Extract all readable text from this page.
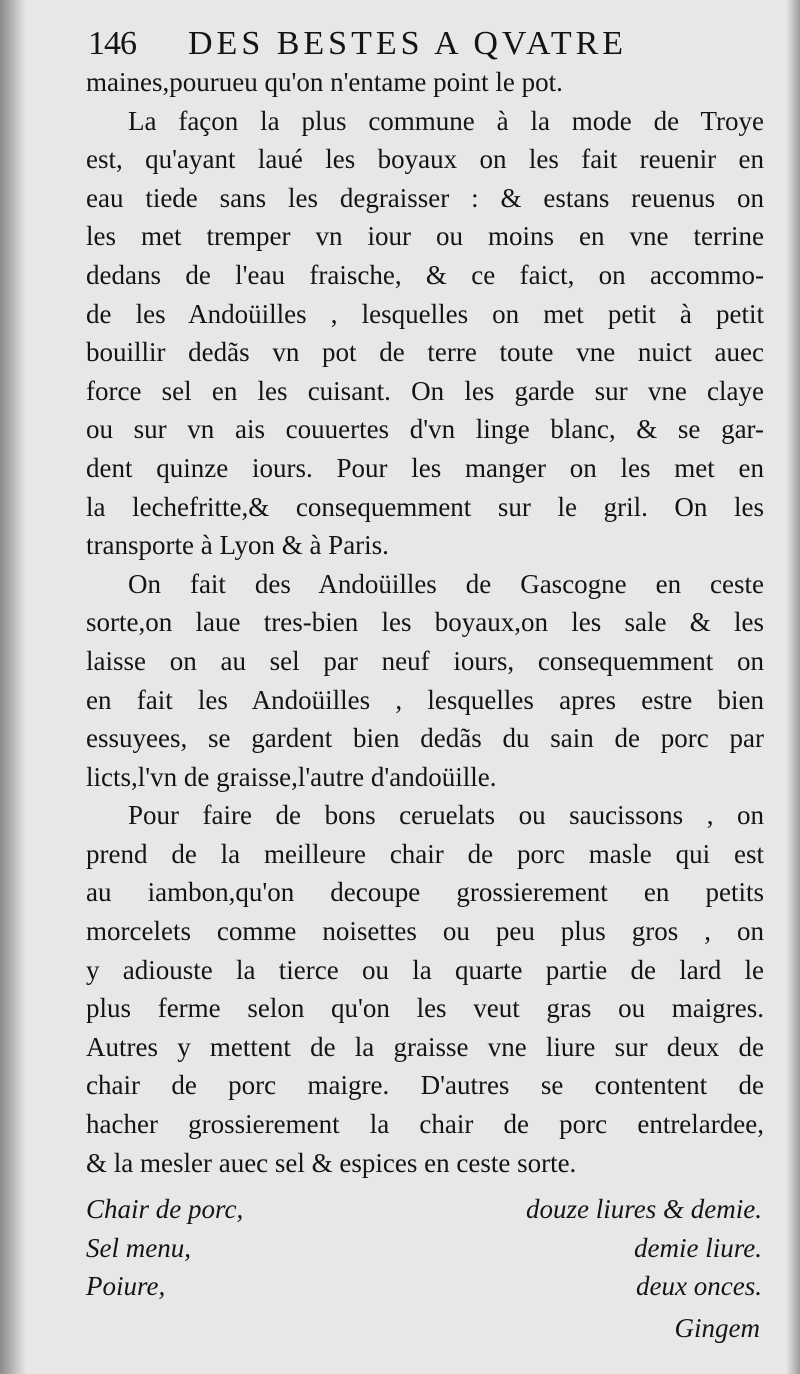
146 DES BESTES A QVATRE
maines,pourueu qu'on n'entame point le pot.
La façon la plus commune à la mode de Troye
est, qu'ayant laué les boyaux on les fait reuenir en
eau tiede sans les degraisser : & estans reuenus on
les met tremper vn iour ou moins en vne terrine
dedans de l'eau fraische, & ce faict, on accommo-
de les Andoüilles , lesquelles on met petit à petit
bouillir dedãs vn pot de terre toute vne nuict auec
force sel en les cuisant. On les garde sur vne claye
ou sur vn ais couuertes d'vn linge blanc, & se gar-
dent quinze iours. Pour les manger on les met en
la lechefritte,& consequemment sur le gril. On les
transporte à Lyon & à Paris.
On fait des Andoüilles de Gascogne en ceste
sorte,on laue tres-bien les boyaux,on les sale & les
laisse on au sel par neuf iours, consequemment on
en fait les Andoüilles , lesquelles apres estre bien
essuyees, se gardent bien dedãs du sain de porc par
licts,l'vn de graisse,l'autre d'andoüille.
Pour faire de bons ceruelats ou saucissons , on
prend de la meilleure chair de porc masle qui est
au iambon,qu'on decoupe grossierement en petits
morcelets comme noisettes ou peu plus gros , on
y adiouste la tierce ou la quarte partie de lard le
plus ferme selon qu'on les veut gras ou maigres.
Autres y mettent de la graisse vne liure sur deux de
chair de porc maigre. D'autres se contentent de
hacher grossierement la chair de porc entrelardee,
& la mesler auec sel & espices en ceste sorte.
Chair de porc,	douze liures & demie.
Sel menu,	demie liure.
Poiure,	deux onces.
Gingem
